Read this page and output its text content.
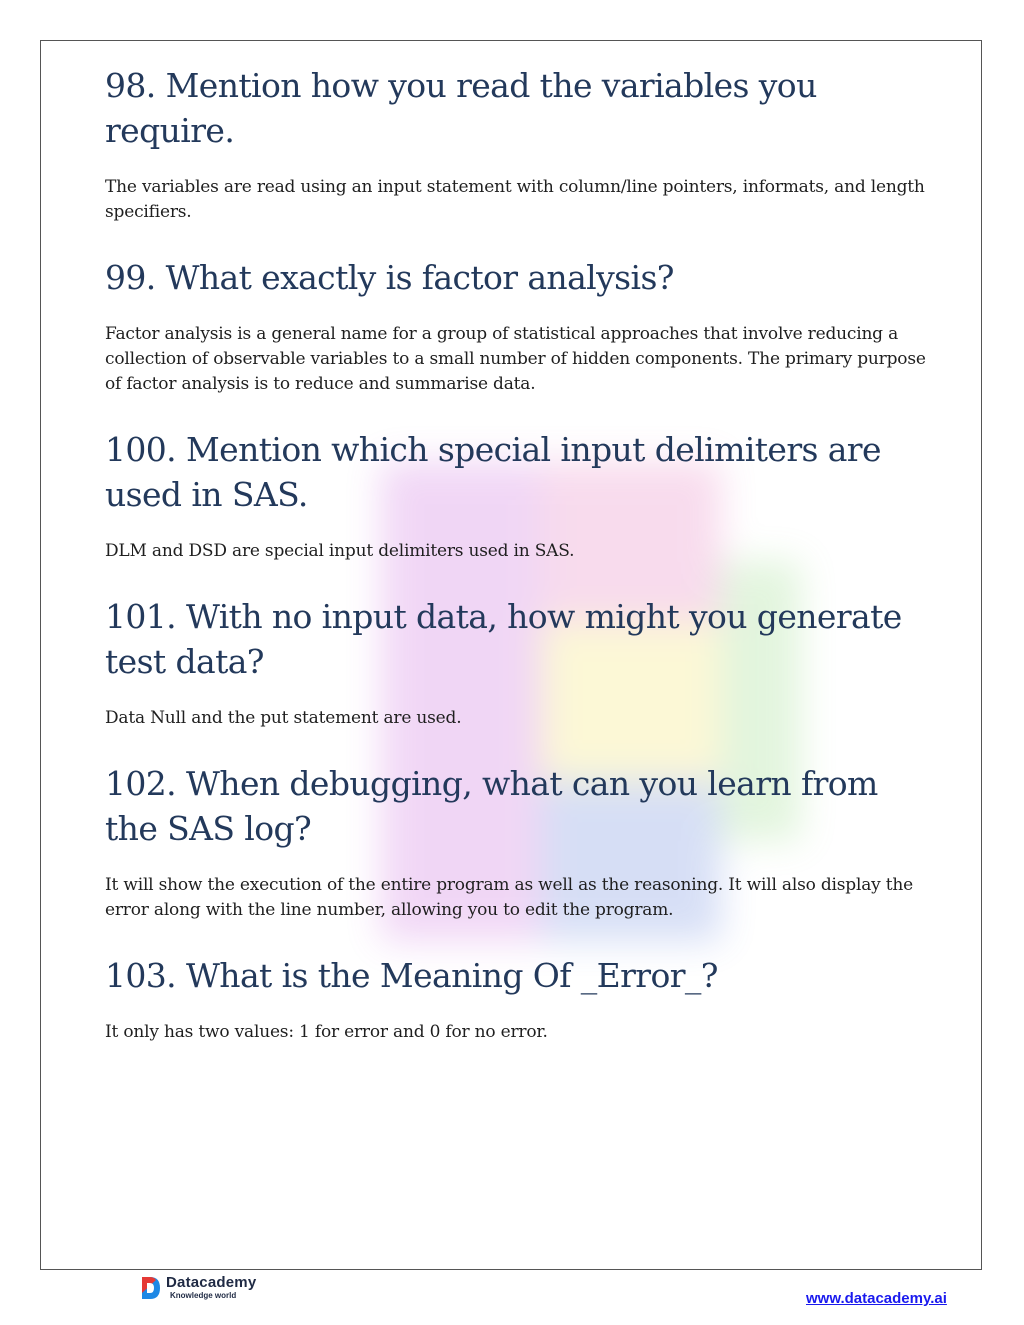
98. Mention how you read the variables you require.

The variables are read using an input statement with column/line pointers, informats, and length specifiers.

99. What exactly is factor analysis?

Factor analysis is a general name for a group of statistical approaches that involve reducing a collection of observable variables to a small number of hidden components. The primary purpose of factor analysis is to reduce and summarise data.

100. Mention which special input delimiters are used in SAS.

DLM and DSD are special input delimiters used in SAS.

101. With no input data, how might you generate test data?

Data Null and the put statement are used.

102. When debugging, what can you learn from the SAS log?

It will show the execution of the entire program as well as the reasoning. It will also display the error along with the line number, allowing you to edit the program.

103. What is the Meaning Of _Error_?

It only has two values: 1 for error and 0 for no error.

Datacademy
Knowledge world	www.datacademy.ai
